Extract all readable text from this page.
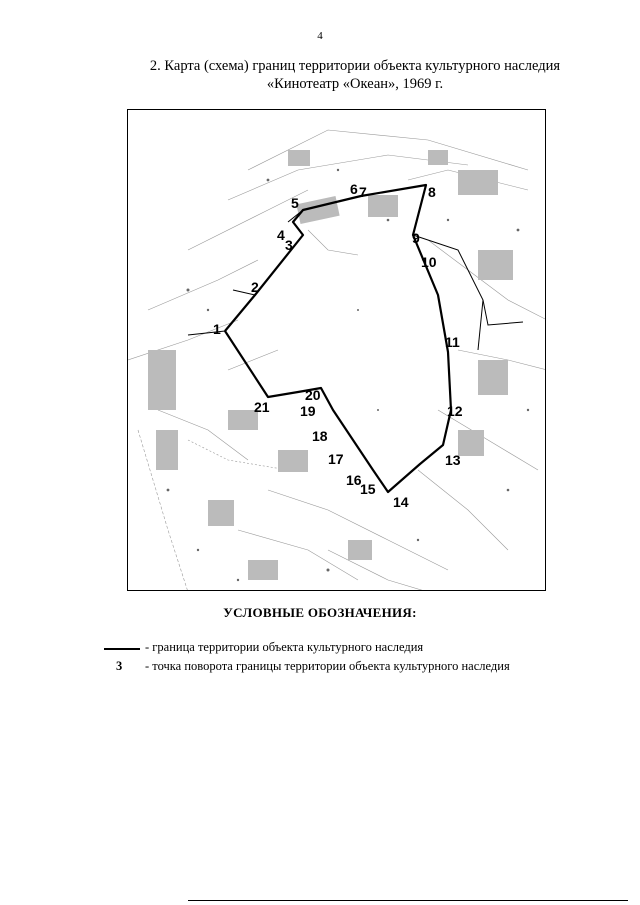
4
2. Карта (схема) границ территории объекта культурного наследия
«Кинотеатр «Океан», 1969 г.
1
2
3
4
5
6 7	8
9
10
11
12
13
14
15
16
17
18
19
20
21
УСЛОВНЫЕ ОБОЗНАЧЕНИЯ:
- граница территории объекта культурного наследия
3 - точка поворота границы территории объекта культурного наследия
